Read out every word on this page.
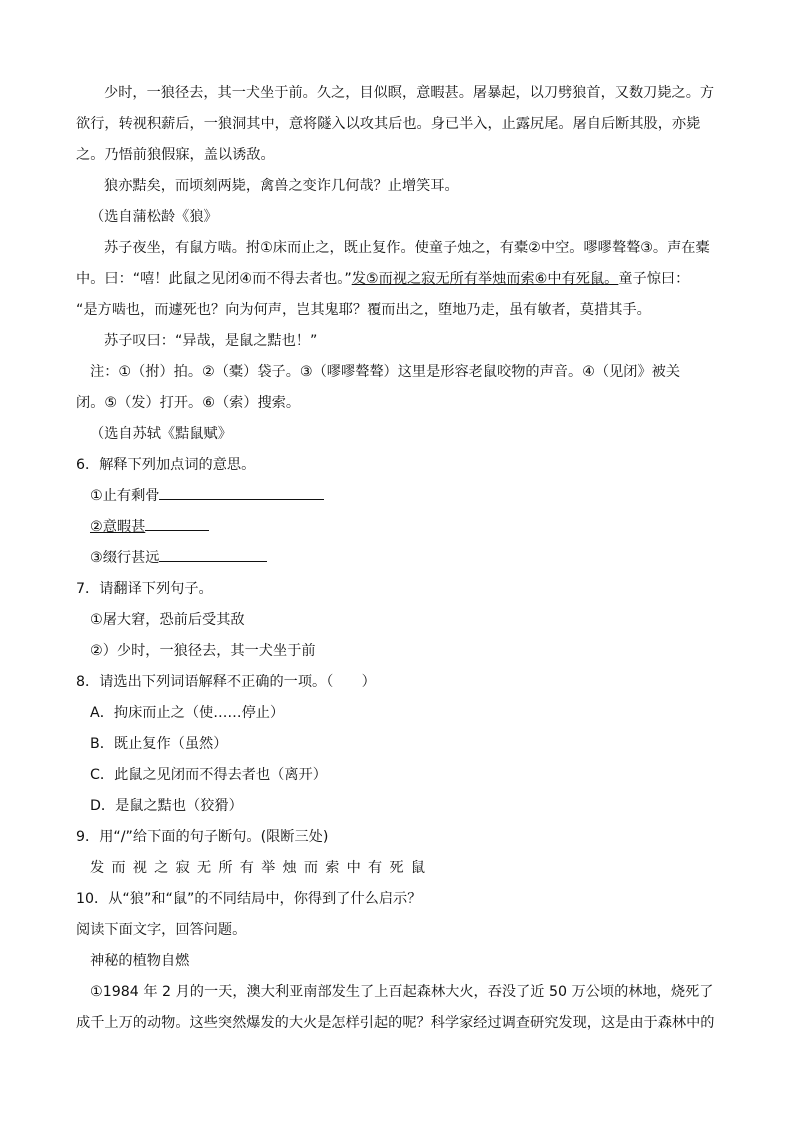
少时，一狼径去，其一犬坐于前。久之，目似瞑，意暇甚。屠暴起，以刀劈狼首，又数刀毙之。方
欲行，转视积薪后，一狼洞其中，意将隧入以攻其后也。身已半入，止露尻尾。屠自后断其股，亦毙
之。乃悟前狼假寐，盖以诱敌。
狼亦黠矣，而顷刻两毙，禽兽之变诈几何哉？止增笑耳。
（选自蒲松龄《狼》
苏子夜坐，有鼠方啮。拊①床而止之，既止复作。使童子烛之，有橐②中空。嘐嘐聱聱③。声在橐
中。曰：“嘻！此鼠之见闭④而不得去者也。”发⑤而视之寂无所有举烛而索⑥中有死鼠。童子惊曰：
“是方啮也，而遽死也？向为何声，岂其鬼耶？覆而出之，堕地乃走，虽有敏者，莫措其手。
苏子叹曰：“异哉，是鼠之黠也！”
注：①（拊）拍。②（橐）袋子。③（嘐嘐聱聱）这里是形容老鼠咬物的声音。④（见闭》被关
闭。⑤（发）打开。⑥（索）搜索。
（选自苏轼《黠鼠赋》
6．解释下列加点词的意思。
①止有剩骨
②意暇甚
③缀行甚远
7．请翻译下列句子。
①屠大窘，恐前后受其敌
②）少时，一狼径去，其一犬坐于前
8．请选出下列词语解释不正确的一项。（　　）
A．拘床而止之（使……停止）
B．既止复作（虽然）
C．此鼠之见闭而不得去者也（离开）
D．是鼠之黠也（狡猾）
9．用“/”给下面的句子断句。(限断三处)
发而视之寂无所有举烛而索中有死鼠
10．从“狼”和“鼠”的不同结局中，你得到了什么启示？
阅读下面文字，回答问题。
神秘的植物自燃
①1984 年 2 月的一天，澳大利亚南部发生了上百起森林大火，吞没了近 50 万公顷的林地，烧死了
成千上万的动物。这些突然爆发的大火是怎样引起的呢？科学家经过调查研究发现，这是由于森林中的
